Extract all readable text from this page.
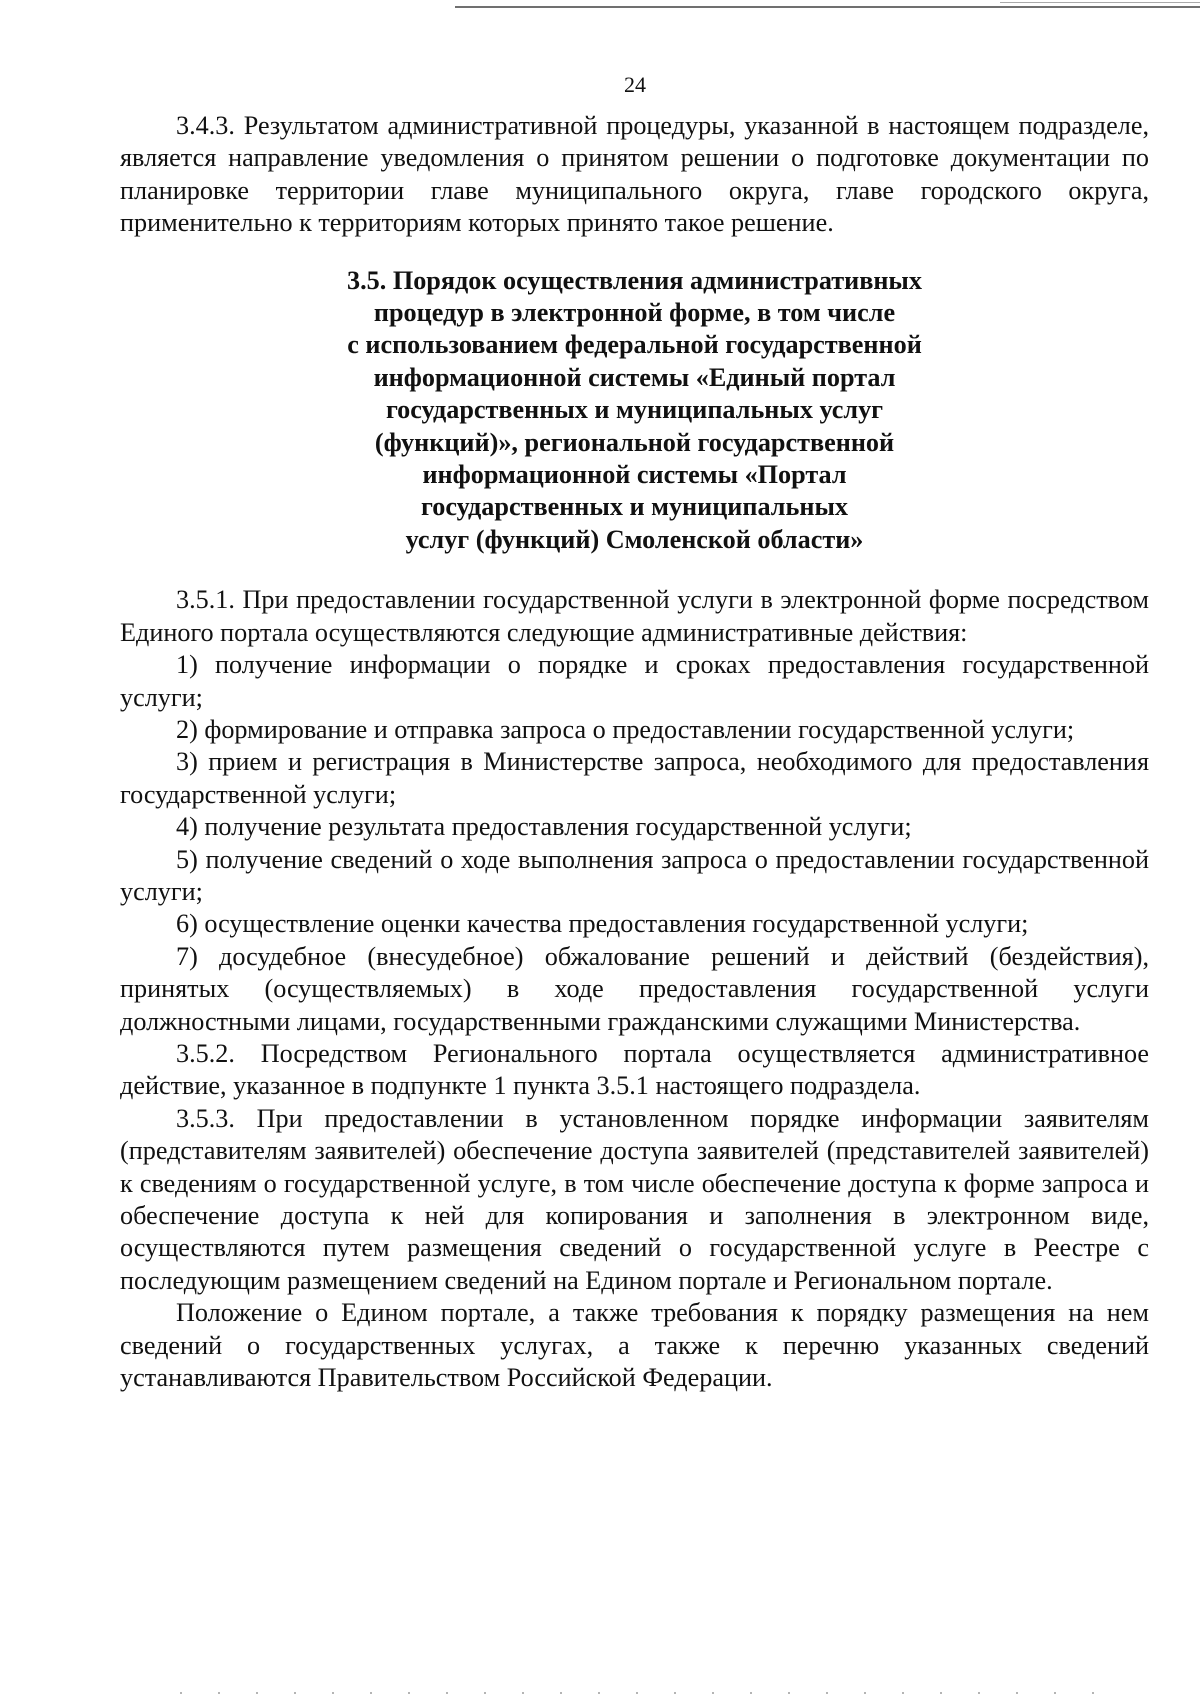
24

3.4.3. Результатом административной процедуры, указанной в настоящем подразделе, является направление уведомления о принятом решении о подготовке документации по планировке территории главе муниципального округа, главе городского округа, применительно к территориям которых принято такое решение.

3.5. Порядок осуществления административных
процедур в электронной форме, в том числе
с использованием федеральной государственной
информационной системы «Единый портал
государственных и муниципальных услуг
(функций)», региональной государственной
информационной системы «Портал
государственных и муниципальных
услуг (функций) Смоленской области»

3.5.1. При предоставлении государственной услуги в электронной форме посредством Единого портала осуществляются следующие административные действия:

1) получение информации о порядке и сроках предоставления государственной услуги;

2) формирование и отправка запроса о предоставлении государственной услуги;

3) прием и регистрация в Министерстве запроса, необходимого для предоставления государственной услуги;

4) получение результата предоставления государственной услуги;

5) получение сведений о ходе выполнения запроса о предоставлении государственной услуги;

6) осуществление оценки качества предоставления государственной услуги;

7) досудебное (внесудебное) обжалование решений и действий (бездействия), принятых (осуществляемых) в ходе предоставления государственной услуги должностными лицами, государственными гражданскими служащими Министерства.

3.5.2. Посредством Регионального портала осуществляется административное действие, указанное в подпункте 1 пункта 3.5.1 настоящего подраздела.

3.5.3. При предоставлении в установленном порядке информации заявителям (представителям заявителей) обеспечение доступа заявителей (представителей заявителей) к сведениям о государственной услуге, в том числе обеспечение доступа к форме запроса и обеспечение доступа к ней для копирования и заполнения в электронном виде, осуществляются путем размещения сведений о государственной услуге в Реестре с последующим размещением сведений на Едином портале и Региональном портале.

Положение о Едином портале, а также требования к порядку размещения на нем сведений о государственных услугах, а также к перечню указанных сведений устанавливаются Правительством Российской Федерации.
